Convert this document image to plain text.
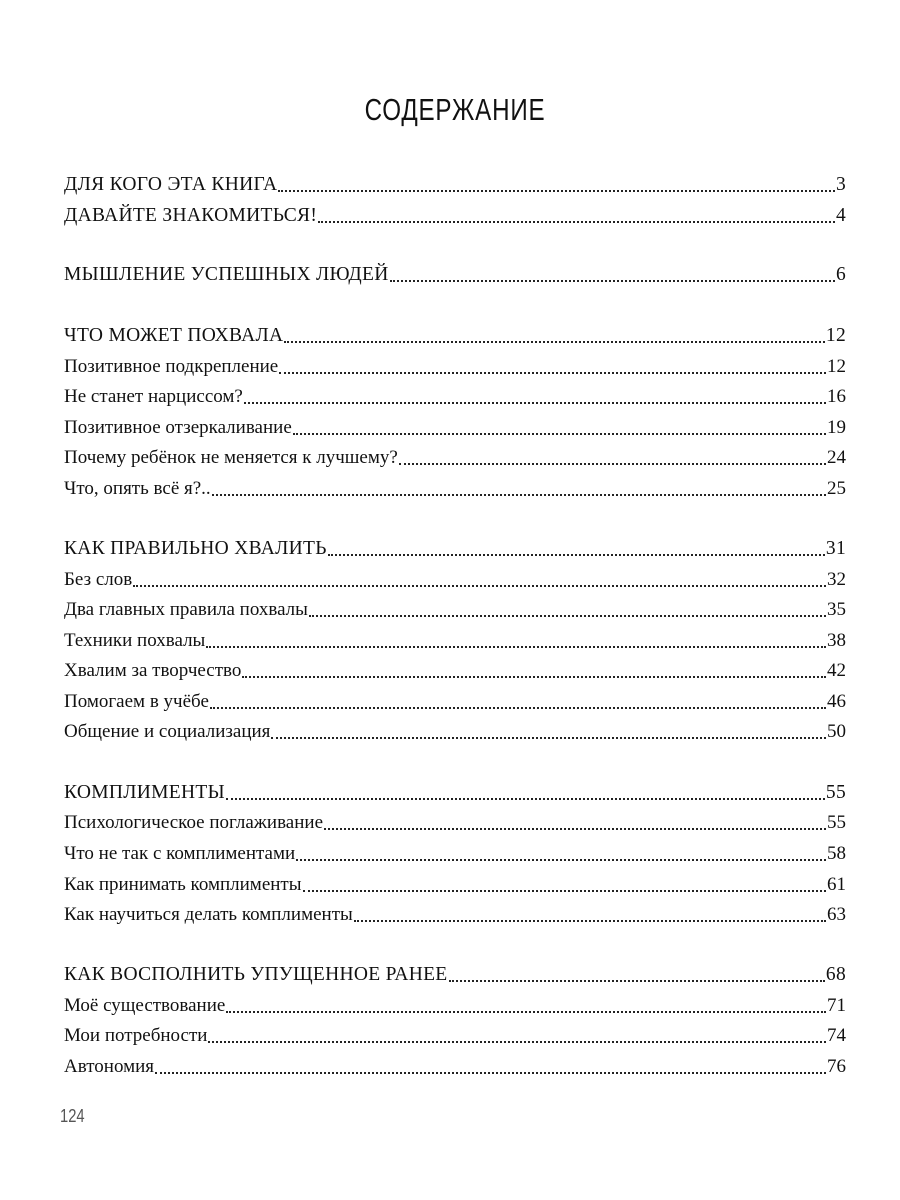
СОДЕРЖАНИЕ
ДЛЯ КОГО ЭТА КНИГА	3
ДАВАЙТЕ ЗНАКОМИТЬСЯ!	4
МЫШЛЕНИЕ УСПЕШНЫХ ЛЮДЕЙ	6
ЧТО МОЖЕТ ПОХВАЛА	12
Позитивное подкрепление	12
Не станет нарциссом?	16
Позитивное отзеркаливание	19
Почему ребёнок не меняется к лучшему?	24
Что, опять всё я?..	25
КАК ПРАВИЛЬНО ХВАЛИТЬ	31
Без слов	32
Два главных правила похвалы	35
Техники похвалы	38
Хвалим за творчество	42
Помогаем в учёбе	46
Общение и социализация	50
КОМПЛИМЕНТЫ	55
Психологическое поглаживание	55
Что не так с комплиментами	58
Как принимать комплименты	61
Как научиться делать комплименты	63
КАК ВОСПОЛНИТЬ УПУЩЕННОЕ РАНЕЕ	68
Моё существование	71
Мои потребности	74
Автономия	76
124
